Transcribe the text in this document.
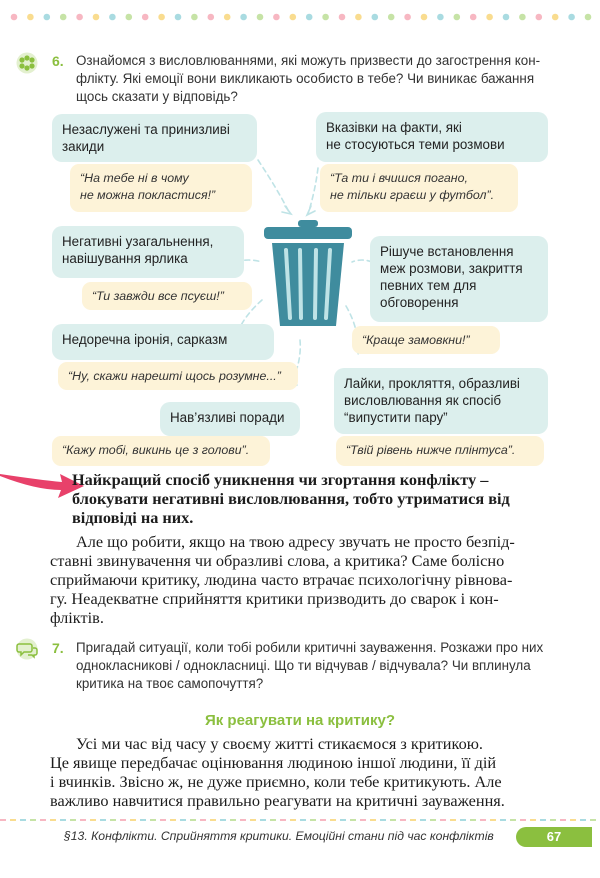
6. Ознайомся з висловлюваннями, які можуть призвести до загострення кон-
флікту. Які емоції вони викликають особисто в тебе? Чи виникає бажання
щось сказати у відповідь?
Незаслужені та принизливі
закиди
Вказівки на факти, які
не стосуються теми розмови
Негативні узагальнення,
навішування ярлика	Рішуче встановлення
меж розмови, закриття
певних тем для
обговорення
Недоречна іронія, сарказм
Лайки, прокляття, образливі
висловлювання як спосіб
“випустити пару”
Нав’язливі поради
“На тебе ні в чому
не можна покластися!”
“Та ти і вчишся погано,
не тільки граєш у футбол”.
“Ти завжди все псуєш!”
“Краще замовкни!”
“Ну, скажи нарешті щось розумне...”
“Кажу тобі, викинь це з голови”.	“Твій рівень нижче плінтуса”.
Найкращий спосіб уникнення чи згортання конфлікту –
блокувати негативні висловлювання, тобто утриматися від
відповіді на них.
Але що робити, якщо на твою адресу звучать не просто безпід-
ставні звинувачення чи образливі слова, а критика? Саме болісно
сприймаючи критику, людина часто втрачає психологічну рівнова-
гу. Неадекватне сприйняття критики призводить до сварок і кон-
фліктів.
7. Пригадай ситуації, коли тобі робили критичні зауваження. Розкажи про них
однокласникові / однокласниці. Що ти відчував / відчувала? Чи вплинула
критика на твоє самопочуття?
Як реагувати на критику?
Усі ми час від часу у своєму житті стикаємося з критикою.
Це явище передбачає оцінювання людиною іншої людини, її дій
і вчинків. Звісно ж, не дуже приємно, коли тебе критикують. Але
важливо навчитися правильно реагувати на критичні зауваження.
§13. Конфлікти. Сприйняття критики. Емоційні стани під час конфліктів	67
